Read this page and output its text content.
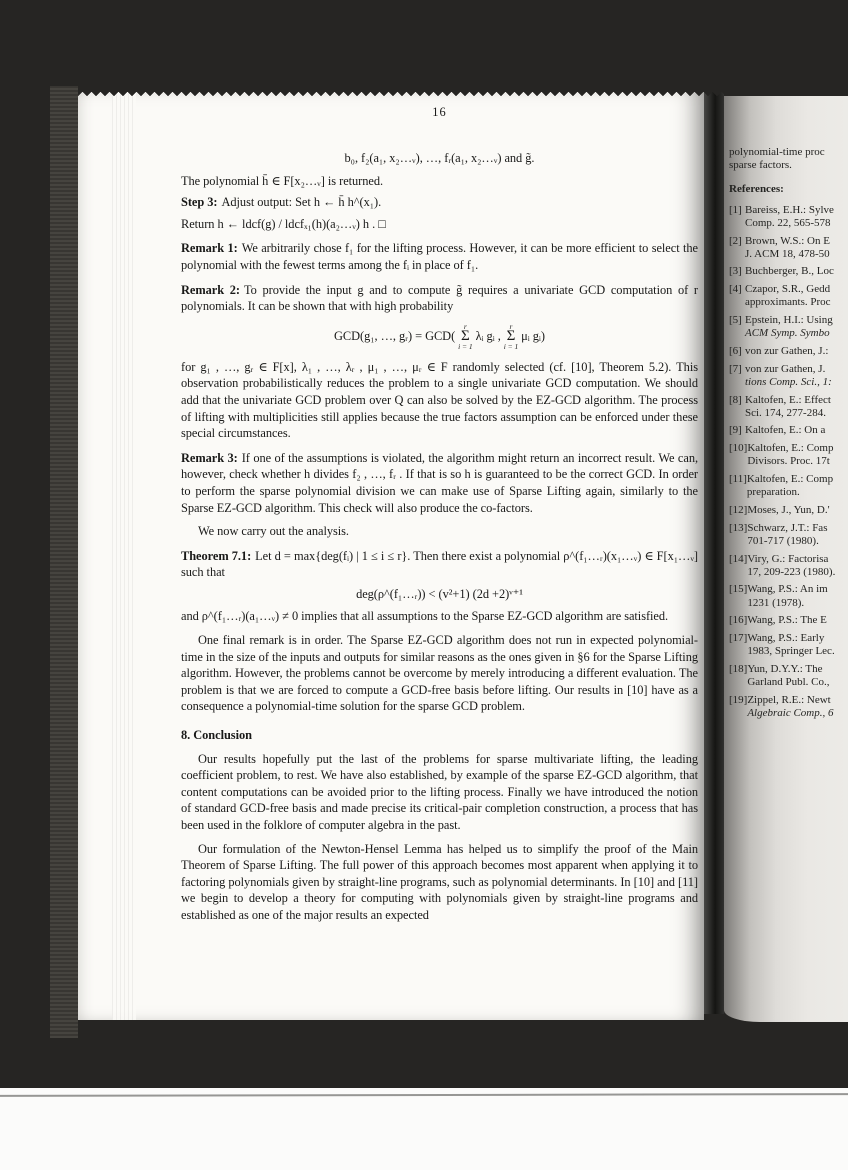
16
b₀, f₂(a₁, x₂…ᵥ), …, fᵣ(a₁, x₂…ᵥ) and g̃.
The polynomial h̄ ∈ F[x₂…ᵥ] is returned.
Step 3: Adjust output: Set h ← h̄ h^(x₁).
Return h ← ldcf(g) / ldcfₓ₁(h)(a₂…ᵥ) h . □
Remark 1: We arbitrarily chose f₁ for the lifting process. However, it can be more efficient to select the polynomial with the fewest terms among the fᵢ in place of f₁.
Remark 2: To provide the input g and to compute g̃ requires a univariate GCD computation of r polynomials. It can be shown that with high probability
GCD(g₁, …, gᵣ) = GCD(
r
Σ
i = 1
λᵢ gᵢ ,
r
Σ
i = 1
μᵢ gᵢ)
for g₁ , …, gᵣ ∈ F[x], λ₁ , …, λᵣ , μ₁ , …, μᵣ ∈ F randomly selected (cf. [10], Theorem 5.2). This observation probabilistically reduces the problem to a single univariate GCD computation. We should add that the univariate GCD problem over Q can also be solved by the EZ-GCD algorithm. The process of lifting with multiplicities still applies because the true factors assumption can be enforced under these special circumstances.
Remark 3: If one of the assumptions is violated, the algorithm might return an incorrect result. We can, however, check whether h divides f₂ , …, fᵣ . If that is so h is guaranteed to be the correct GCD. In order to perform the sparse polynomial division we can make use of Sparse Lifting again, similarly to the Sparse EZ-GCD algorithm. This check will also produce the co-factors.
We now carry out the analysis.
Theorem 7.1: Let d = max{deg(fᵢ) | 1 ≤ i ≤ r}. Then there exist a polynomial ρ^(f₁…ᵣ)(x₁…ᵥ) ∈ F[x₁…ᵥ] such that
deg(ρ^(f₁…ᵣ)) < (v²+1) (2d +2)ᵛ⁺¹
and ρ^(f₁…ᵣ)(a₁…ᵥ) ≠ 0 implies that all assumptions to the Sparse EZ-GCD algorithm are satisfied.
One final remark is in order. The Sparse EZ-GCD algorithm does not run in expected polynomial-time in the size of the inputs and outputs for similar reasons as the ones given in §6 for the Sparse Lifting algorithm. However, the problems cannot be overcome by merely introducing a different evaluation. The problem is that we are forced to compute a GCD-free basis before lifting. Our results in [10] have as a consequence a polynomial-time solution for the sparse GCD problem.
8. Conclusion
Our results hopefully put the last of the problems for sparse multivariate lifting, the leading coefficient problem, to rest. We have also established, by example of the sparse EZ-GCD algorithm, that content computations can be avoided prior to the lifting process. Finally we have introduced the notion of standard GCD-free basis and made precise its critical-pair completion construction, a process that has been used in the folklore of computer algebra in the past.
Our formulation of the Newton-Hensel Lemma has helped us to simplify the proof of the Main Theorem of Sparse Lifting. The full power of this approach becomes most apparent when applying it to factoring polynomials given by straight-line programs, such as polynomial determinants. In [10] and [11] we begin to develop a theory for computing with polynomials given by straight-line programs and established as one of the major results an expected
polynomial-time proc
sparse factors.
References:
[1] Bareiss, E.H.: Sylve
Comp. 22, 565-578
[2] Brown, W.S.: On E
J. ACM 18, 478-50
[3] Buchberger, B., Loc
[4] Czapor, S.R., Gedd
approximants. Proc
[5] Epstein, H.I.: Using
ACM Symp. Symbo
[6] von zur Gathen, J.:
[7] von zur Gathen, J.
tions Comp. Sci., 1:
[8] Kaltofen, E.: Effect
Sci. 174, 277-284.
[9] Kaltofen, E.: On a
[10] Kaltofen, E.: Comp
Divisors. Proc. 17t
[11] Kaltofen, E.: Comp
preparation.
[12] Moses, J., Yun, D.'
[13] Schwarz, J.T.: Fas
701-717 (1980).
[14] Viry, G.: Factorisa
17, 209-223 (1980).
[15] Wang, P.S.: An im
1231 (1978).
[16] Wang, P.S.: The E
[17] Wang, P.S.: Early
1983, Springer Lec.
[18] Yun, D.Y.Y.: The
Garland Publ. Co.,
[19] Zippel, R.E.: Newt
Algebraic Comp., 6
